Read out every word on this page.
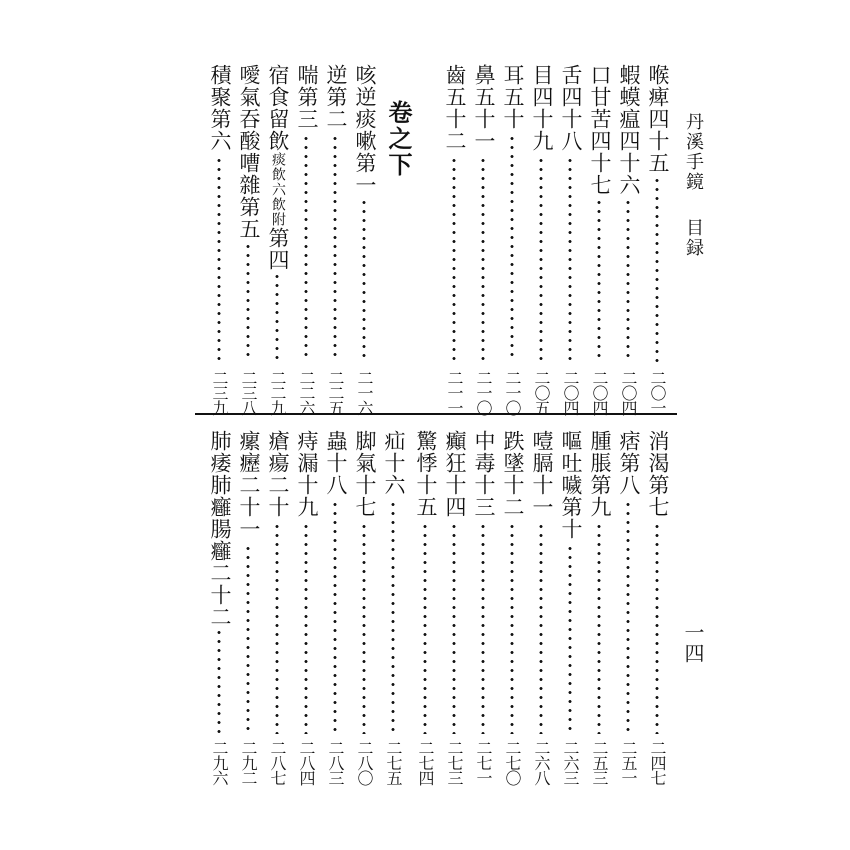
丹溪手鏡
目録
一四
卷之下	喉痺四十五
二〇一
蝦蟆瘟四十六
二〇四
口甘苦四十七
二〇四
舌四十八
二〇四
目四十九
二〇五
耳五十
二一〇
鼻五十一
二一〇
齒五十二
二一一
咳逆痰嗽第一
二一六
逆第二
二二五
喘第三
二二六
宿食留飲痰飲六飲附第四
二二九
噯氣吞酸嘈雜第五
二三八
積聚第六
二三九
消渴第七
二四七
痞第八
二五一
腫脹第九
二五三
嘔吐噦第十
二六三
噎膈十一
二六八
跌墜十二
二七〇
中毒十三
二七一
癲狂十四
二七三
驚悸十五
二七四
疝十六
二七五
脚氣十七
二八〇
蟲十八
二八三
痔漏十九
二八四
瘡瘍二十
二八七
瘰癧二十一
二九二
肺痿肺癰腸癰二十二
二九六
